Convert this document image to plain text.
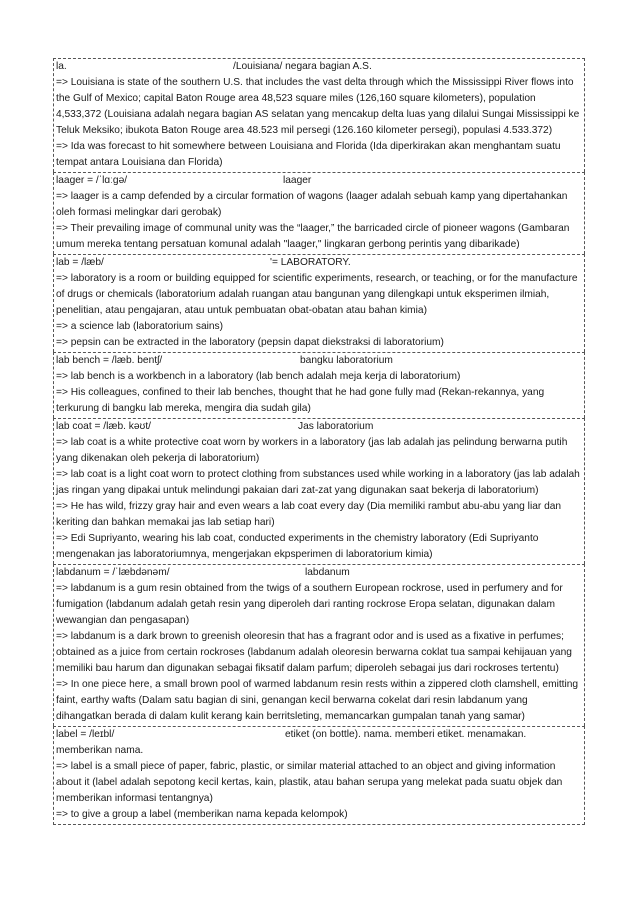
la.	/Louisiana/ negara bagian A.S.
=> Louisiana is state of the southern U.S. that includes the vast delta through which the Mississippi River flows into the Gulf of Mexico; capital Baton Rouge area 48,523 square miles (126,160 square kilometers), population 4,533,372 (Louisiana adalah negara bagian AS selatan yang mencakup delta luas yang dilalui Sungai Mississippi ke Teluk Meksiko; ibukota Baton Rouge area 48.523 mil persegi (126.160 kilometer persegi), populasi 4.533.372)
=> Ida was forecast to hit somewhere between Louisiana and Florida (Ida diperkirakan akan menghantam suatu tempat antara Louisiana dan Florida)
laager = /ˈlɑːɡə/	laager
=> laager is a camp defended by a circular formation of wagons (laager adalah sebuah kamp yang dipertahankan oleh formasi melingkar dari gerobak)
=> Their prevailing image of communal unity was the “laager,” the barricaded circle of pioneer wagons (Gambaran umum mereka tentang persatuan komunal adalah "laager," lingkaran gerbong perintis yang dibarikade)
lab = /læb/	'= LABORATORY.
=> laboratory is a room or building equipped for scientific experiments, research, or teaching, or for the manufacture of drugs or chemicals (laboratorium adalah ruangan atau bangunan yang dilengkapi untuk eksperimen ilmiah, penelitian, atau pengajaran, atau untuk pembuatan obat-obatan atau bahan kimia)
=> a science lab (laboratorium sains)
=> pepsin can be extracted in the laboratory (pepsin dapat diekstraksi di laboratorium)
lab bench = /læb. bentʃ/	bangku laboratorium
=> lab bench is a workbench in a laboratory (lab bench adalah meja kerja di laboratorium)
=> His colleagues, confined to their lab benches, thought that he had gone fully mad (Rekan-rekannya, yang terkurung di bangku lab mereka, mengira dia sudah gila)
lab coat = /læb. kəʊt/	Jas laboratorium
=> lab coat is a white protective coat worn by workers in a laboratory (jas lab adalah jas pelindung berwarna putih yang dikenakan oleh pekerja di laboratorium)
=> lab coat is a light coat worn to protect clothing from substances used while working in a laboratory (jas lab adalah jas ringan yang dipakai untuk melindungi pakaian dari zat-zat yang digunakan saat bekerja di laboratorium)
=> He has wild, frizzy gray hair and even wears a lab coat every day (Dia memiliki rambut abu-abu yang liar dan keriting dan bahkan memakai jas lab setiap hari)
=> Edi Supriyanto, wearing his lab coat, conducted experiments in the chemistry laboratory (Edi Supriyanto mengenakan jas laboratoriumnya, mengerjakan ekpsperimen di laboratorium kimia)
labdanum = /ˈlæbdənəm/	labdanum
=> labdanum is a gum resin obtained from the twigs of a southern European rockrose, used in perfumery and for fumigation (labdanum adalah getah resin yang diperoleh dari ranting rockrose Eropa selatan, digunakan dalam wewangian dan pengasapan)
=> labdanum is a dark brown to greenish oleoresin that has a fragrant odor and is used as a fixative in perfumes; obtained as a juice from certain rockroses (labdanum adalah oleoresin berwarna coklat tua sampai kehijauan yang memiliki bau harum dan digunakan sebagai fiksatif dalam parfum; diperoleh sebagai jus dari rockroses tertentu)
=> In one piece here, a small brown pool of warmed labdanum resin rests within a zippered cloth clamshell, emitting faint, earthy wafts (Dalam satu bagian di sini, genangan kecil berwarna cokelat dari resin labdanum yang dihangatkan berada di dalam kulit kerang kain berritsleting, memancarkan gumpalan tanah yang samar)
label = /leɪbl/	etiket (on bottle). nama. memberi etiket. menamakan.
memberikan nama.
=> label is a small piece of paper, fabric, plastic, or similar material attached to an object and giving information about it (label adalah sepotong kecil kertas, kain, plastik, atau bahan serupa yang melekat pada suatu objek dan memberikan informasi tentangnya)
=> to give a group a label (memberikan nama kepada kelompok)
